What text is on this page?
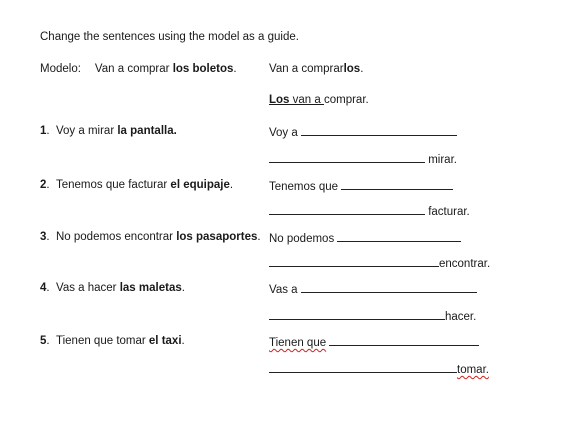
Change the sentences using the model as a guide.
Modelo: Van a comprar los boletos.	Van a comprarlos.
Los van a comprar.
1.  Voy a mirar la pantalla.	Voy a
mirar.
2.  Tenemos que facturar el equipaje.	Tenemos que
facturar.
3.  No podemos encontrar los pasaportes. No podemos
encontrar.
4.  Vas a hacer las maletas.	Vas a
hacer.
5.  Tienen que tomar el taxi.	Tienen que
tomar.
